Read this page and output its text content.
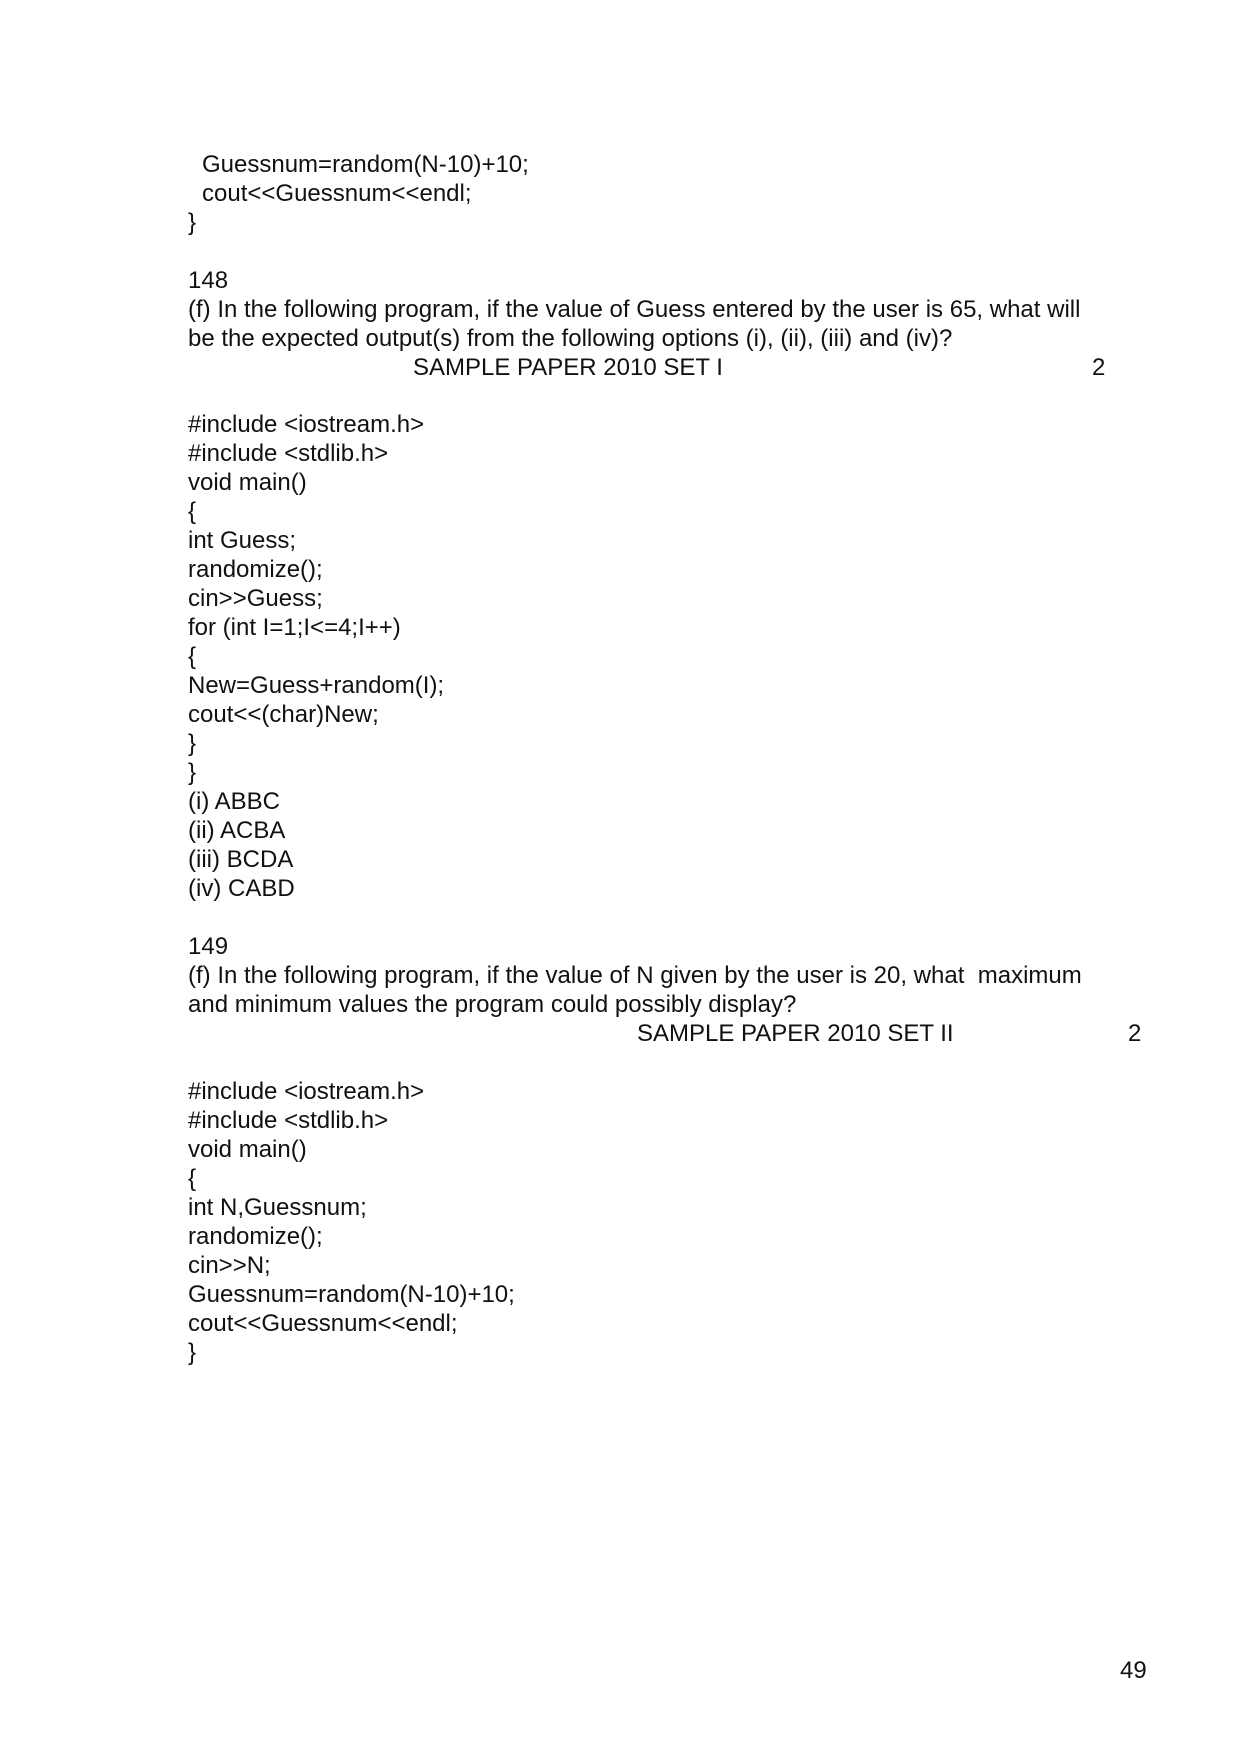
Guessnum=random(N-10)+10;
cout<<Guessnum<<endl;
}
148
(f) In the following program, if the value of Guess entered by the user is 65, what will
be the expected output(s) from the following options (i), (ii), (iii) and (iv)?
SAMPLE PAPER 2010 SET I	2
#include <iostream.h>
#include <stdlib.h>
void main()
{
int Guess;
randomize();
cin>>Guess;
for (int I=1;I<=4;I++)
{
New=Guess+random(I);
cout<<(char)New;
}
}
(i) ABBC
(ii) ACBA
(iii) BCDA
(iv) CABD
149
(f) In the following program, if the value of N given by the user is 20, what  maximum
and minimum values the program could possibly display?
SAMPLE PAPER 2010 SET II	2
#include <iostream.h>
#include <stdlib.h>
void main()
{
int N,Guessnum;
randomize();
cin>>N;
Guessnum=random(N-10)+10;
cout<<Guessnum<<endl;
}
49
